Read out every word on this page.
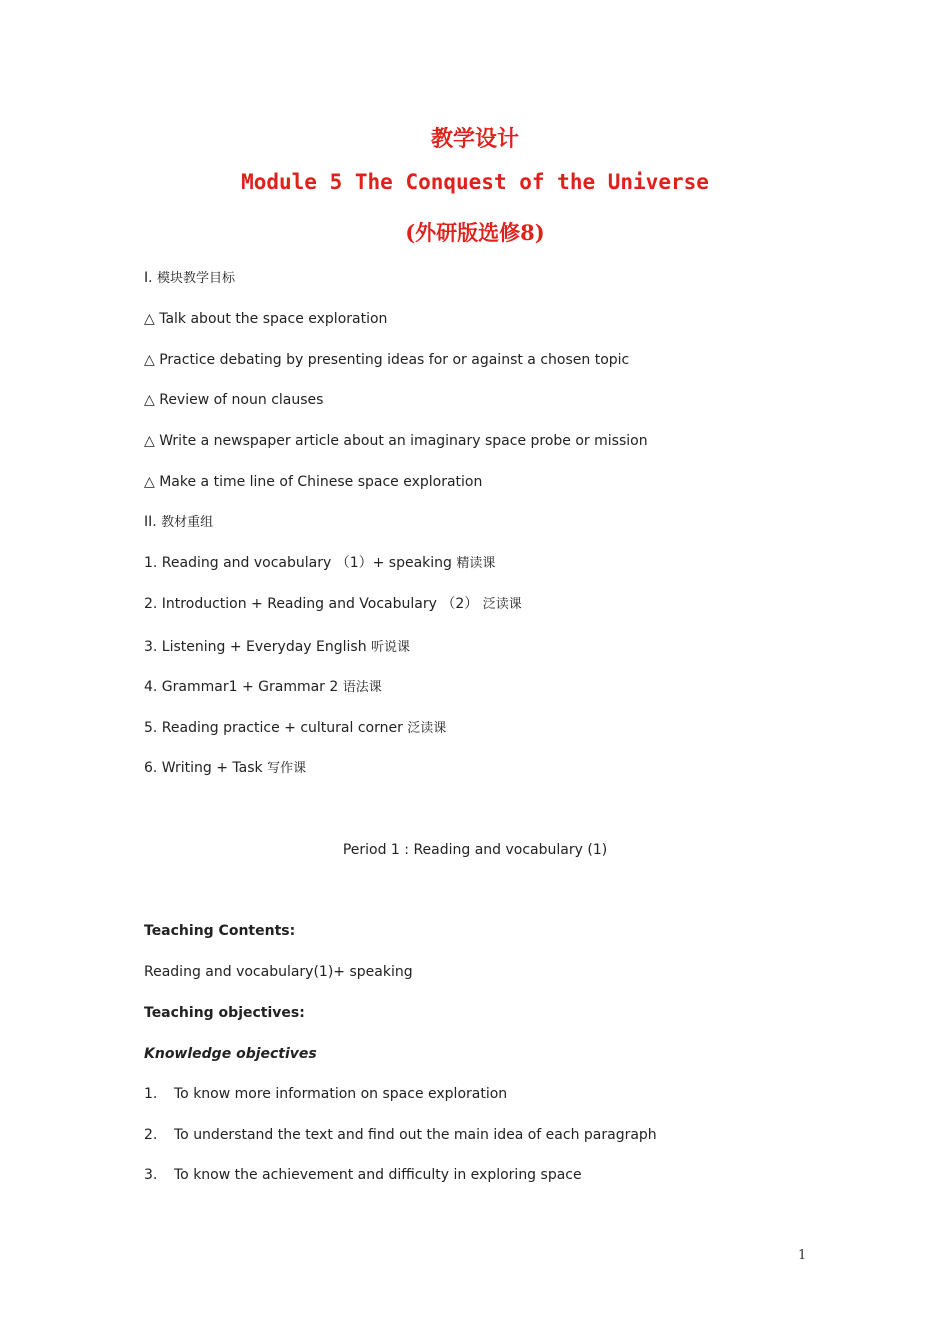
教学设计
Module 5 The Conquest of the Universe
(外研版选修8)
I. 模块教学目标
△ Talk about the space exploration
△ Practice debating by presenting ideas for or against a chosen topic
△ Review of noun clauses
△ Write a newspaper article about an imaginary space probe or mission
△ Make a time line of Chinese space exploration
II. 教材重组
1. Reading and vocabulary （1）+ speaking 精读课
2. Introduction + Reading and Vocabulary （2） 泛读课
3. Listening + Everyday English 听说课
4. Grammar1 + Grammar 2 语法课
5. Reading practice + cultural corner 泛读课
6. Writing + Task 写作课
Period 1 : Reading and vocabulary (1)
Teaching Contents:
Reading and vocabulary(1)+ speaking
Teaching objectives:
Knowledge objectives
1. To know more information on space exploration
2. To understand the text and find out the main idea of each paragraph
3. To know the achievement and difficulty in exploring space
1
